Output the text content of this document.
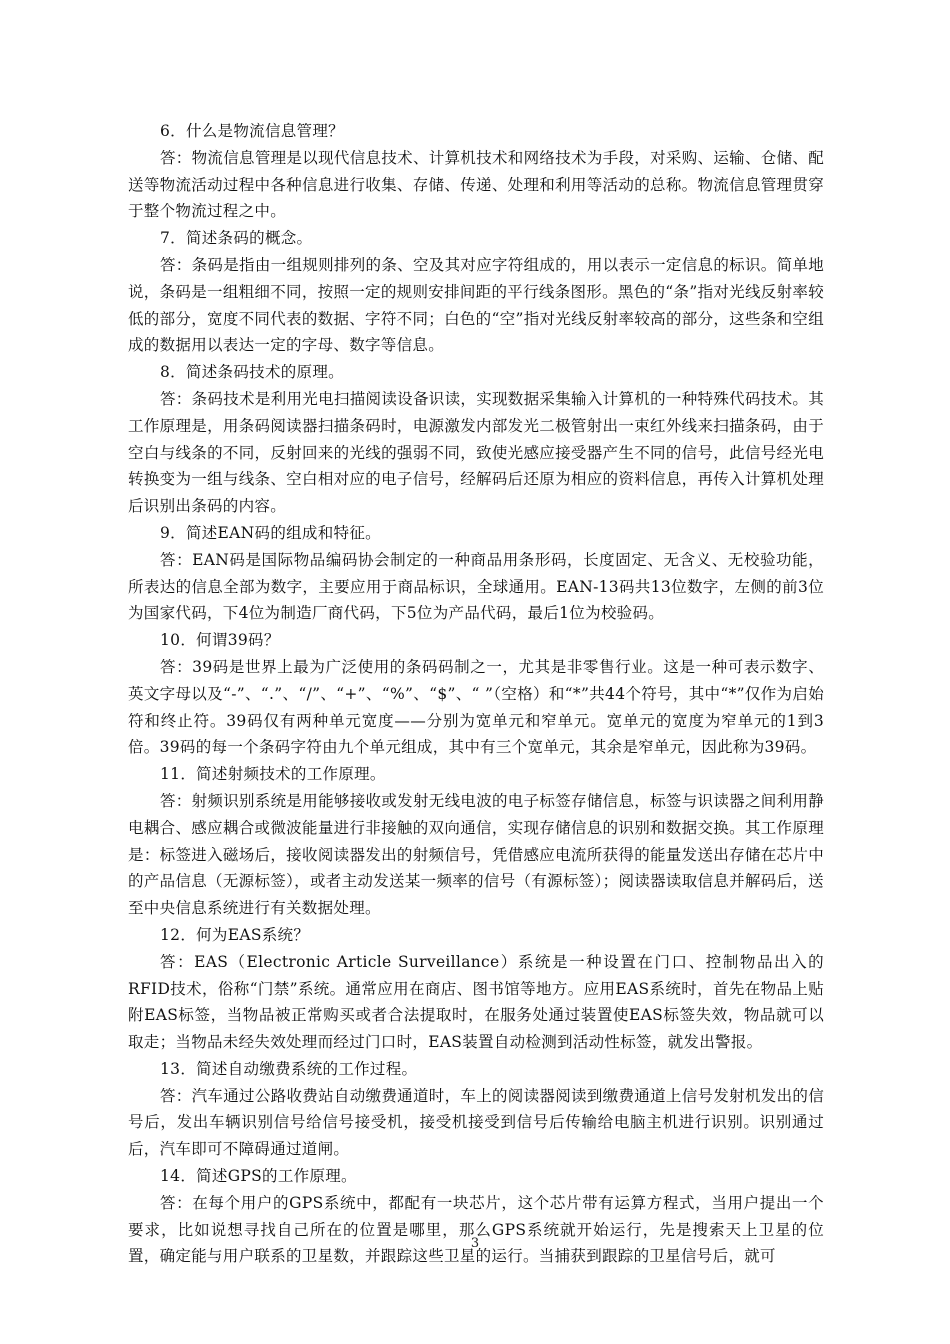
6．什么是物流信息管理？

答：物流信息管理是以现代信息技术、计算机技术和网络技术为手段，对采购、运输、仓储、配送等物流活动过程中各种信息进行收集、存储、传递、处理和利用等活动的总称。物流信息管理贯穿于整个物流过程之中。

7．简述条码的概念。

答：条码是指由一组规则排列的条、空及其对应字符组成的，用以表示一定信息的标识。简单地说，条码是一组粗细不同，按照一定的规则安排间距的平行线条图形。黑色的“条”指对光线反射率较低的部分，宽度不同代表的数据、字符不同；白色的“空”指对光线反射率较高的部分，这些条和空组成的数据用以表达一定的字母、数字等信息。

8．简述条码技术的原理。

答：条码技术是利用光电扫描阅读设备识读，实现数据采集输入计算机的一种特殊代码技术。其工作原理是，用条码阅读器扫描条码时，电源激发内部发光二极管射出一束红外线来扫描条码，由于空白与线条的不同，反射回来的光线的强弱不同，致使光感应接受器产生不同的信号，此信号经光电转换变为一组与线条、空白相对应的电子信号，经解码后还原为相应的资料信息，再传入计算机处理后识别出条码的内容。

9．简述EAN码的组成和特征。

答：EAN码是国际物品编码协会制定的一种商品用条形码，长度固定、无含义、无校验功能，所表达的信息全部为数字，主要应用于商品标识，全球通用。EAN-13码共13位数字，左侧的前3位为国家代码，下4位为制造厂商代码，下5位为产品代码，最后1位为校验码。

10．何谓39码？

答：39码是世界上最为广泛使用的条码码制之一，尤其是非零售行业。这是一种可表示数字、英文字母以及“-”、“.”、“/”、“+”、“%”、“$”、“ ”（空格）和“*”共44个符号，其中“*”仅作为启始符和终止符。39码仅有两种单元宽度——分别为宽单元和窄单元。宽单元的宽度为窄单元的1到3倍。39码的每一个条码字符由九个单元组成，其中有三个宽单元，其余是窄单元，因此称为39码。

11．简述射频技术的工作原理。

答：射频识别系统是用能够接收或发射无线电波的电子标签存储信息，标签与识读器之间利用静电耦合、感应耦合或微波能量进行非接触的双向通信，实现存储信息的识别和数据交换。其工作原理是：标签进入磁场后，接收阅读器发出的射频信号，凭借感应电流所获得的能量发送出存储在芯片中的产品信息（无源标签），或者主动发送某一频率的信号（有源标签）；阅读器读取信息并解码后，送至中央信息系统进行有关数据处理。

12．何为EAS系统？

答：EAS（Electronic Article Surveillance）系统是一种设置在门口、控制物品出入的RFID技术，俗称“门禁”系统。通常应用在商店、图书馆等地方。应用EAS系统时，首先在物品上贴附EAS标签，当物品被正常购买或者合法提取时，在服务处通过装置使EAS标签失效，物品就可以取走；当物品未经失效处理而经过门口时，EAS装置自动检测到活动性标签，就发出警报。

13．简述自动缴费系统的工作过程。

答：汽车通过公路收费站自动缴费通道时，车上的阅读器阅读到缴费通道上信号发射机发出的信号后，发出车辆识别信号给信号接受机，接受机接受到信号后传输给电脑主机进行识别。识别通过后，汽车即可不障碍通过道闸。

14．简述GPS的工作原理。

答：在每个用户的GPS系统中，都配有一块芯片，这个芯片带有运算方程式，当用户提出一个要求，比如说想寻找自己所在的位置是哪里，那么GPS系统就开始运行，先是搜索天上卫星的位置，确定能与用户联系的卫星数，并跟踪这些卫星的运行。当捕获到跟踪的卫星信号后，就可

3
